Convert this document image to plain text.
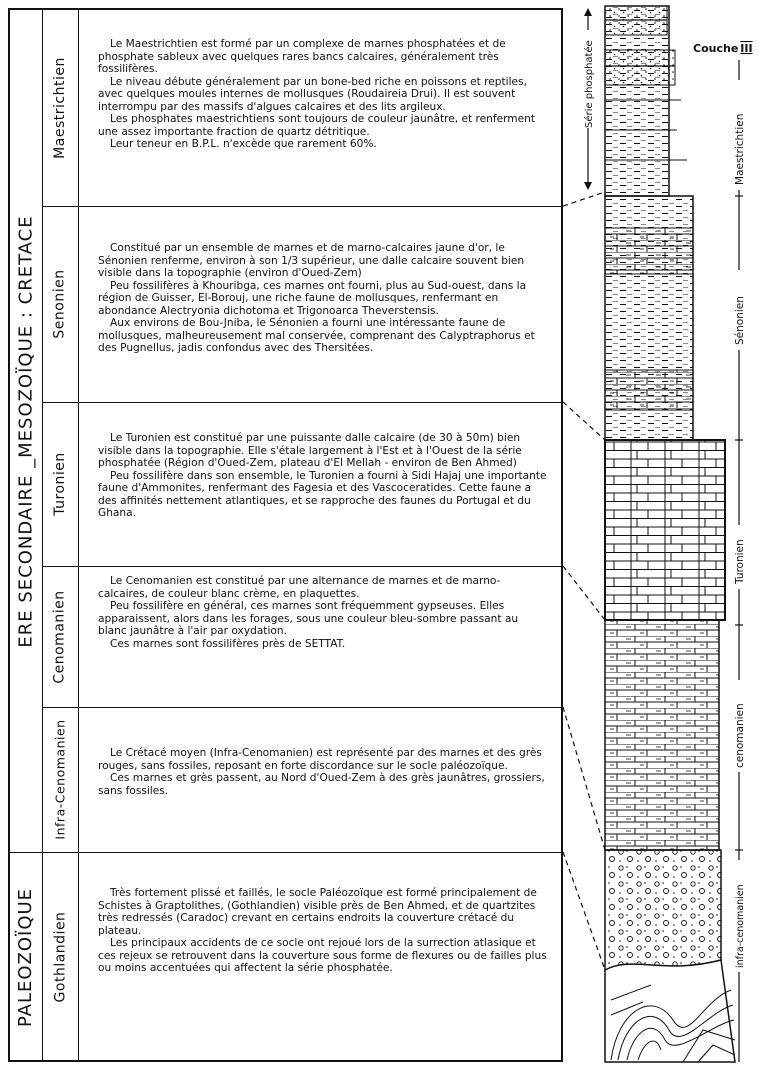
ERE SECONDAIRE _MESOZOÏQUE : CRETACE
PALEOZOÏQUE
Maestrichtien
Senonien
Turonien
Cenomanien
Infra-Cenomanien
Gothlandien

Le Maestrichtien est formé par un complexe de marnes phosphatées et de phosphate sableux avec quelques rares bancs calcaires, généralement très fossilifères.

Le niveau débute généralement par un bone-bed riche en poissons et reptiles, avec quelques moules internes de mollusques (Roudaireia Drui). Il est souvent interrompu par des massifs d'algues calcaires et des lits argileux.

Les phosphates maestrichtiens sont toujours de couleur jaunâtre, et renferment une assez importante fraction de quartz détritique.

Leur teneur en B.P.L. n'excède que rarement 60%.

Constitué par un ensemble de marnes et de marno-calcaires jaune d'or, le Sénonien renferme, environ à son 1/3 supérieur, une dalle calcaire souvent bien visible dans la topographie (environ d'Oued-Zem)

Peu fossilifères à Khouribga, ces marnes ont fourni, plus au Sud-ouest, dans la région de Guisser, El-Borouj, une riche faune de mollusques, renfermant en abondance Alectryonia dichotoma et Trigonoarca Theverstensis.

Aux environs de Bou-Jniba, le Sénonien a fourni une intéressante faune de mollusques, malheureusement mal conservée, comprenant des Calyptraphorus et des Pugnellus, jadis confondus avec des Thersitées.

Le Turonien est constitué par une puissante dalle calcaire (de 30 à 50m) bien visible dans la topographie. Elle s'étale largement à l'Est et à l'Ouest de la série phosphatée (Région d'Oued-Zem, plateau d'El Mellah - environ de Ben Ahmed)

Peu fossilifère dans son ensemble, le Turonien a fourni à Sidi Hajaj une importante faune d'Ammonites, renfermant des Fagesia et des Vascoceratides. Cette faune a des affinités nettement atlantiques, et se rapproche des faunes du Portugal et du Ghana.

Le Cenomanien est constitué par une alternance de marnes et de marno-calcaires, de couleur blanc crème, en plaquettes.

Peu fossilifère en général, ces marnes sont fréquemment gypseuses. Elles apparaissent, alors dans les forages, sous une couleur bleu-sombre passant au blanc jaunâtre à l'air par oxydation.

Ces marnes sont fossilifères près de SETTAT.

Le Crétacé moyen (Infra-Cenomanien) est représenté par des marnes et des grès rouges, sans fossiles, reposant en forte discordance sur le socle paléozoïque.

Ces marnes et grès passent, au Nord d'Oued-Zem à des grès jaunâtres, grossiers, sans fossiles.

Très fortement plissé et faillés, le socle Paléozoïque est formé principalement de Schistes à Graptolithes, (Gothlandien) visible près de Ben Ahmed, et de quartzites très redressés (Caradoc) crevant en certains endroits la couverture crétacé du plateau.

Les principaux accidents de ce socle ont rejoué lors de la surrection atlasique et ces rejeux se retrouvent dans la couverture sous forme de flexures ou de failles plus ou moins accentuées qui affectent la série phosphatée.

Série phosphatée	Couche III
Maestrichtien
Sénonien
Turonien
cenomanien
infra-cenomanien
